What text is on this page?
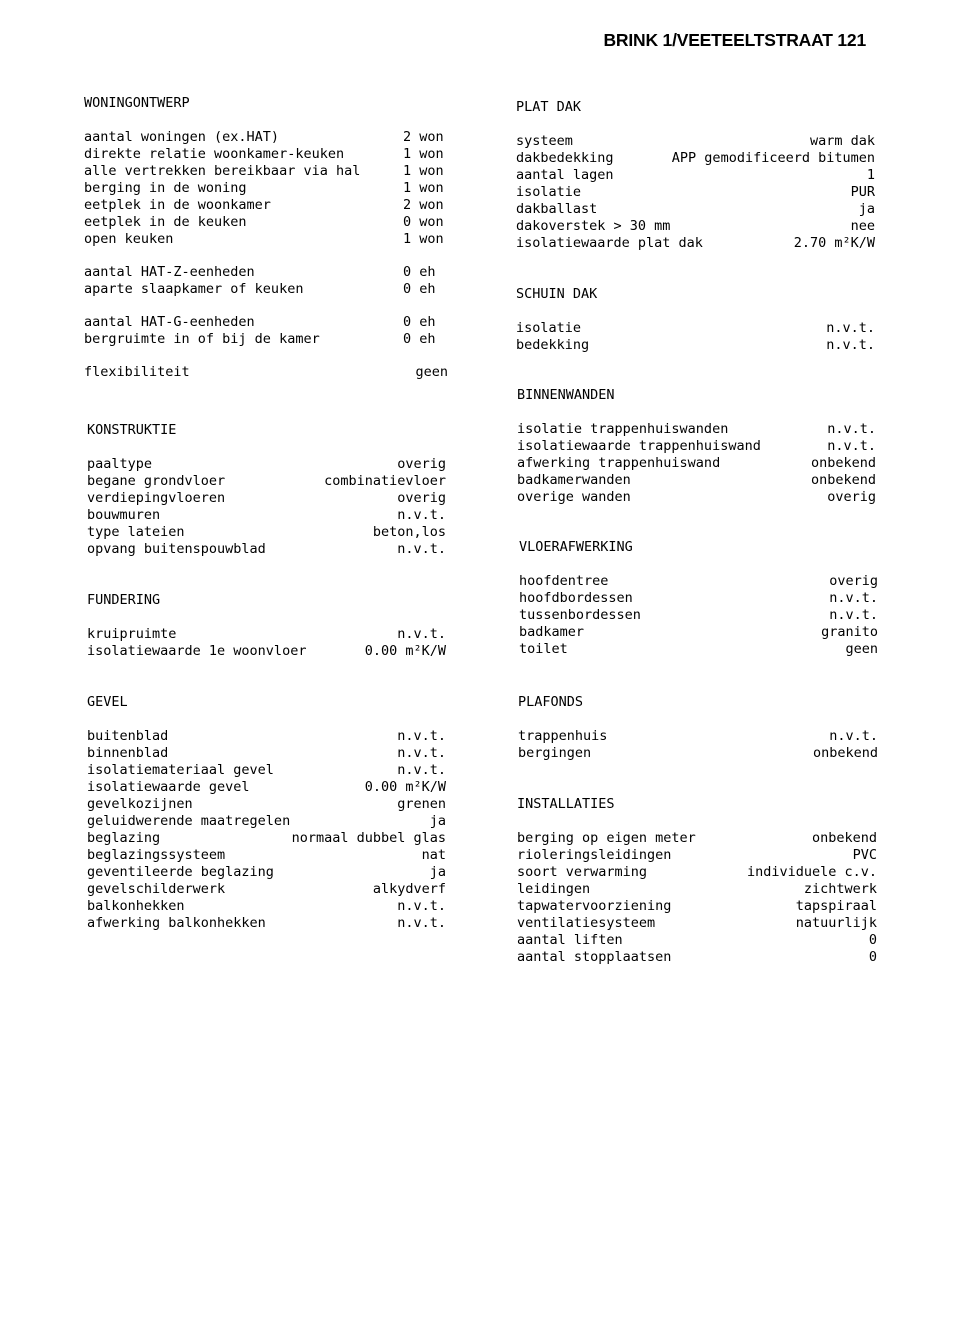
BRINK 1/VEETEELTSTRAAT 121
WONINGONTWERP
aantal woningen (ex.HAT)	2 won
direkte relatie woonkamer-keuken	1 won
alle vertrekken bereikbaar via hal	1 won
berging in de woning	1 won
eetplek in de woonkamer	2 won
eetplek in de keuken	0 won
open keuken	1 won
aantal HAT-Z-eenheden	0 eh
aparte slaapkamer of keuken	0 eh
aantal HAT-G-eenheden	0 eh
bergruimte in of bij de kamer	0 eh
flexibiliteit	geen
KONSTRUKTIE
paaltype	overig
begane grondvloer	combinatievloer
verdiepingvloeren	overig
bouwmuren	n.v.t.
type lateien	beton,los
opvang buitenspouwblad	n.v.t.
FUNDERING
kruipruimte	n.v.t.
isolatiewaarde 1e woonvloer	0.00 m²K/W
GEVEL
buitenblad	n.v.t.
binnenblad	n.v.t.
isolatiemateriaal gevel	n.v.t.
isolatiewaarde gevel	0.00 m²K/W
gevelkozijnen	grenen
geluidwerende maatregelen	ja
beglazing	normaal dubbel glas
beglazingssysteem	nat
geventileerde beglazing	ja
gevelschilderwerk	alkydverf
balkonhekken	n.v.t.
afwerking balkonhekken	n.v.t.
PLAT DAK
systeem	warm dak
dakbedekking	APP gemodificeerd bitumen
aantal lagen	1
isolatie	PUR
dakballast	ja
dakoverstek > 30 mm	nee
isolatiewaarde plat dak	2.70 m²K/W
SCHUIN DAK
isolatie	n.v.t.
bedekking	n.v.t.
BINNENWANDEN
isolatie trappenhuiswanden	n.v.t.
isolatiewaarde trappenhuiswand	n.v.t.
afwerking trappenhuiswand	onbekend
badkamerwanden	onbekend
overige wanden	overig
VLOERAFWERKING
hoofdentree	overig
hoofdbordessen	n.v.t.
tussenbordessen	n.v.t.
badkamer	granito
toilet	geen
PLAFONDS
trappenhuis	n.v.t.
bergingen	onbekend
INSTALLATIES
berging op eigen meter	onbekend
rioleringsleidingen	PVC
soort verwarming	individuele c.v.
leidingen	zichtwerk
tapwatervoorziening	tapspiraal
ventilatiesysteem	natuurlijk
aantal liften	0
aantal stopplaatsen	0
